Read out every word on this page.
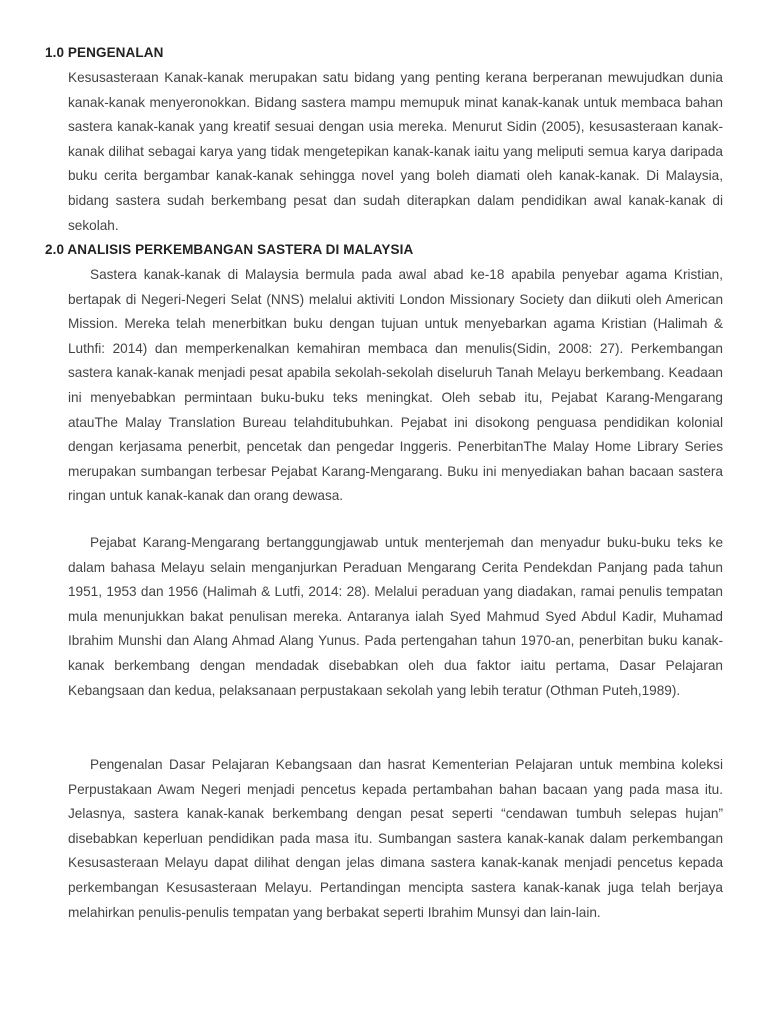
1.0 PENGENALAN

Kesusasteraan Kanak-kanak merupakan satu bidang yang penting kerana berperanan mewujudkan dunia kanak-kanak menyeronokkan. Bidang sastera mampu memupuk minat kanak-kanak untuk membaca bahan sastera kanak-kanak yang kreatif sesuai dengan usia mereka. Menurut Sidin (2005), kesusasteraan kanak-kanak dilihat sebagai karya yang tidak mengetepikan kanak-kanak iaitu yang meliputi semua karya daripada buku cerita bergambar kanak-kanak sehingga novel yang boleh diamati oleh kanak-kanak. Di Malaysia, bidang sastera sudah berkembang pesat dan sudah diterapkan dalam pendidikan awal kanak-kanak di sekolah.

2.0 ANALISIS PERKEMBANGAN SASTERA DI MALAYSIA

Sastera kanak-kanak di Malaysia bermula pada awal abad ke-18 apabila penyebar agama Kristian, bertapak di Negeri-Negeri Selat (NNS) melalui aktiviti London Missionary Society dan diikuti oleh American Mission. Mereka telah menerbitkan buku dengan tujuan untuk menyebarkan agama Kristian (Halimah & Luthfi: 2014) dan memperkenalkan kemahiran membaca dan menulis(Sidin, 2008: 27). Perkembangan sastera kanak-kanak menjadi pesat apabila sekolah-sekolah diseluruh Tanah Melayu berkembang. Keadaan ini menyebabkan permintaan buku-buku teks meningkat. Oleh sebab itu, Pejabat Karang-Mengarang atauThe Malay Translation Bureau telahditubuhkan. Pejabat ini disokong penguasa pendidikan kolonial dengan kerjasama penerbit, pencetak dan pengedar Inggeris. PenerbitanThe Malay Home Library Series merupakan sumbangan terbesar Pejabat Karang-Mengarang. Buku ini menyediakan bahan bacaan sastera ringan untuk kanak-kanak dan orang dewasa.

Pejabat Karang-Mengarang bertanggungjawab untuk menterjemah dan menyadur buku-buku teks ke dalam bahasa Melayu selain menganjurkan Peraduan Mengarang Cerita Pendekdan Panjang pada tahun 1951, 1953 dan 1956 (Halimah & Lutfi, 2014: 28). Melalui peraduan yang diadakan, ramai penulis tempatan mula menunjukkan bakat penulisan mereka. Antaranya ialah Syed Mahmud Syed Abdul Kadir, Muhamad Ibrahim Munshi dan Alang Ahmad Alang Yunus. Pada pertengahan tahun 1970-an, penerbitan buku kanak-kanak berkembang dengan mendadak disebabkan oleh dua faktor iaitu pertama, Dasar Pelajaran Kebangsaan dan kedua, pelaksanaan perpustakaan sekolah yang lebih teratur (Othman Puteh,1989).

Pengenalan Dasar Pelajaran Kebangsaan dan hasrat Kementerian Pelajaran untuk membina koleksi Perpustakaan Awam Negeri menjadi pencetus kepada pertambahan bahan bacaan yang pada masa itu. Jelasnya, sastera kanak-kanak berkembang dengan pesat seperti “cendawan tumbuh selepas hujan” disebabkan keperluan pendidikan pada masa itu. Sumbangan sastera kanak-kanak dalam perkembangan Kesusasteraan Melayu dapat dilihat dengan jelas dimana sastera kanak-kanak menjadi pencetus kepada perkembangan Kesusasteraan Melayu. Pertandingan mencipta sastera kanak-kanak juga telah berjaya melahirkan penulis-penulis tempatan yang berbakat seperti Ibrahim Munsyi dan lain-lain.
